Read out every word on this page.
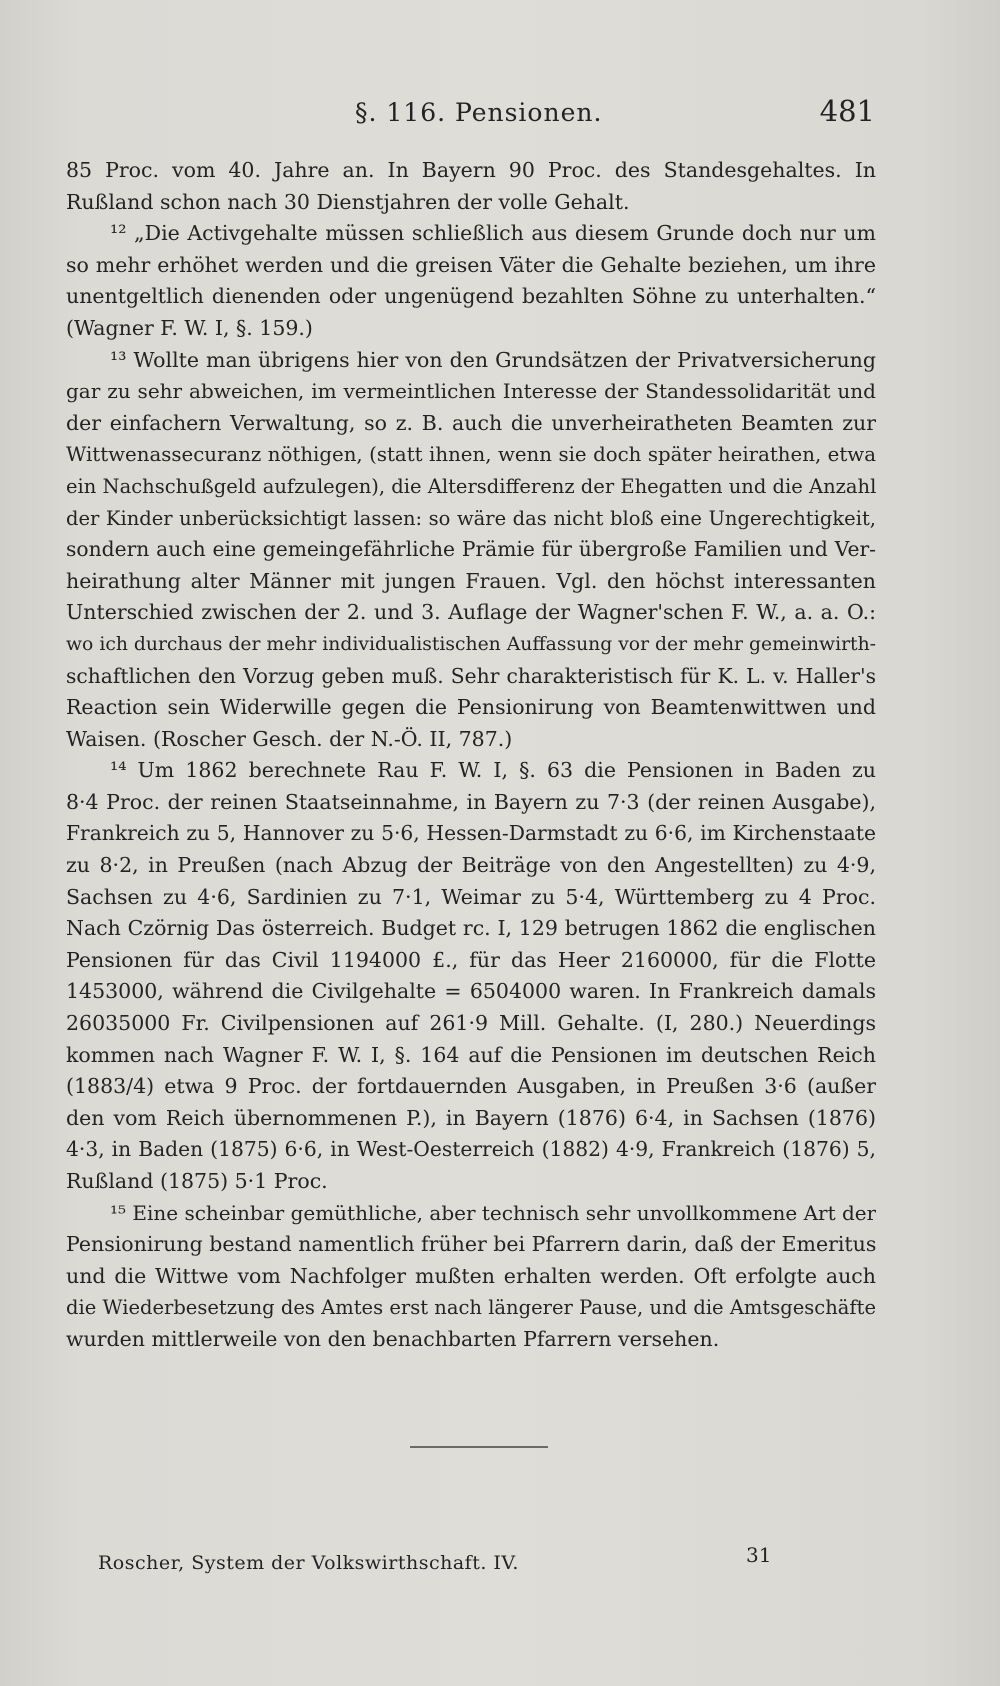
§. 116. Pensionen.	481
85 Proc. vom 40. Jahre an. In Bayern 90 Proc. des Standesgehaltes. In
Rußland schon nach 30 Dienstjahren der volle Gehalt.
¹² „Die Activgehalte müssen schließlich aus diesem Grunde doch nur um
so mehr erhöhet werden und die greisen Väter die Gehalte beziehen, um ihre
unentgeltlich dienenden oder ungenügend bezahlten Söhne zu unterhalten.“
(Wagner F. W. I, §. 159.)
¹³ Wollte man übrigens hier von den Grundsätzen der Privatversicherung
gar zu sehr abweichen, im vermeintlichen Interesse der Standessolidarität und
der einfachern Verwaltung, so z. B. auch die unverheiratheten Beamten zur
Wittwenassecuranz nöthigen, (statt ihnen, wenn sie doch später heirathen, etwa
ein Nachschußgeld aufzulegen), die Altersdifferenz der Ehegatten und die Anzahl
der Kinder unberücksichtigt lassen: so wäre das nicht bloß eine Ungerechtigkeit,
sondern auch eine gemeingefährliche Prämie für übergroße Familien und Ver-
heirathung alter Männer mit jungen Frauen. Vgl. den höchst interessanten
Unterschied zwischen der 2. und 3. Auflage der Wagner'schen F. W., a. a. O.:
wo ich durchaus der mehr individualistischen Auffassung vor der mehr gemeinwirth-
schaftlichen den Vorzug geben muß. Sehr charakteristisch für K. L. v. Haller's
Reaction sein Widerwille gegen die Pensionirung von Beamtenwittwen und
Waisen. (Roscher Gesch. der N.-Ö. II, 787.)
¹⁴ Um 1862 berechnete Rau F. W. I, §. 63 die Pensionen in Baden zu
8·4 Proc. der reinen Staatseinnahme, in Bayern zu 7·3 (der reinen Ausgabe),
Frankreich zu 5, Hannover zu 5·6, Hessen-Darmstadt zu 6·6, im Kirchenstaate
zu 8·2, in Preußen (nach Abzug der Beiträge von den Angestellten) zu 4·9,
Sachsen zu 4·6, Sardinien zu 7·1, Weimar zu 5·4, Württemberg zu 4 Proc.
Nach Czörnig Das österreich. Budget rc. I, 129 betrugen 1862 die englischen
Pensionen für das Civil 1194000 £., für das Heer 2160000, für die Flotte
1453000, während die Civilgehalte = 6504000 waren. In Frankreich damals
26035000 Fr. Civilpensionen auf 261·9 Mill. Gehalte. (I, 280.) Neuerdings
kommen nach Wagner F. W. I, §. 164 auf die Pensionen im deutschen Reich
(1883/4) etwa 9 Proc. der fortdauernden Ausgaben, in Preußen 3·6 (außer
den vom Reich übernommenen P.), in Bayern (1876) 6·4, in Sachsen (1876)
4·3, in Baden (1875) 6·6, in West-Oesterreich (1882) 4·9, Frankreich (1876) 5,
Rußland (1875) 5·1 Proc.
¹⁵ Eine scheinbar gemüthliche, aber technisch sehr unvollkommene Art der
Pensionirung bestand namentlich früher bei Pfarrern darin, daß der Emeritus
und die Wittwe vom Nachfolger mußten erhalten werden. Oft erfolgte auch
die Wiederbesetzung des Amtes erst nach längerer Pause, und die Amtsgeschäfte
wurden mittlerweile von den benachbarten Pfarrern versehen.
Roscher, System der Volkswirthschaft. IV.	31
